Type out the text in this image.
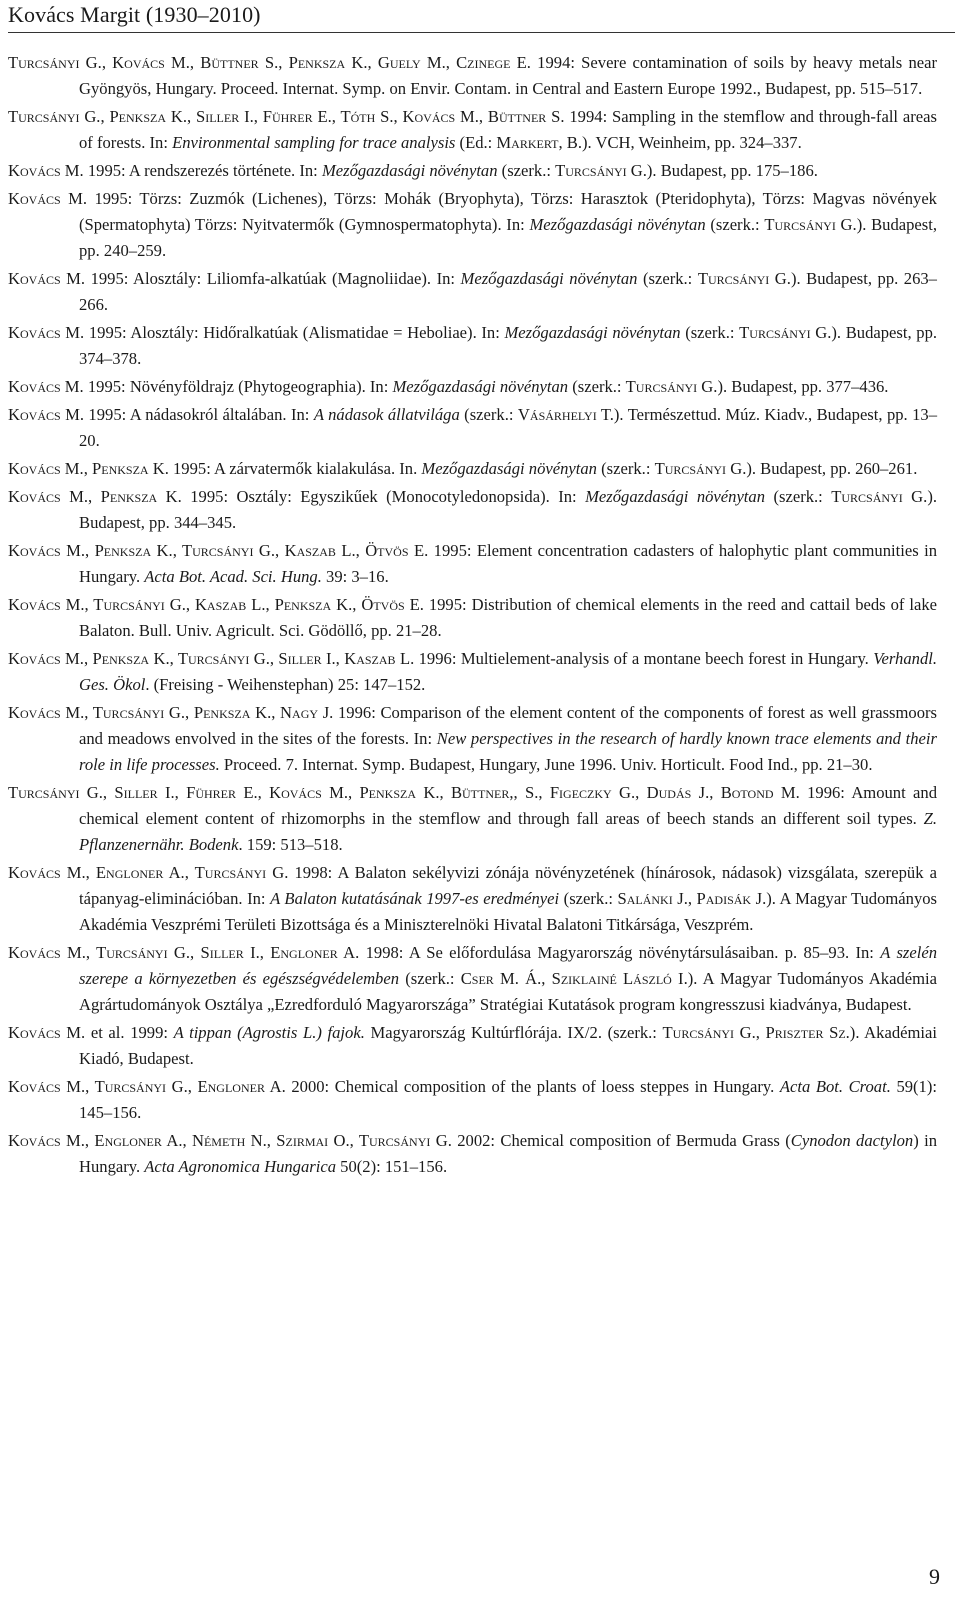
Kovács Margit (1930–2010)

Turcsányi G., Kovács M., Büttner S., Penksza K., Guely M., Czinege E. 1994: Severe contamination of soils by heavy metals near Gyöngyös, Hungary. Proceed. Internat. Symp. on Envir. Contam. in Central and Eastern Europe 1992., Budapest, pp. 515–517.

Turcsányi G., Penksza K., Siller I., Führer E., Tóth S., Kovács M., Büttner S. 1994: Sampling in the stemflow and through-fall areas of forests. In: Environmental sampling for trace analysis (Ed.: Markert, B.). VCH, Weinheim, pp. 324–337.

Kovács M. 1995: A rendszerezés története. In: Mezőgazdasági növénytan (szerk.: Turcsányi G.). Budapest, pp. 175–186.

Kovács M. 1995: Törzs: Zuzmók (Lichenes), Törzs: Mohák (Bryophyta), Törzs: Harasztok (Pteridophyta), Törzs: Magvas növények (Spermatophyta) Törzs: Nyitvatermők (Gymnospermatophyta). In: Mezőgazdasági növénytan (szerk.: Turcsányi G.). Budapest, pp. 240–259.

Kovács M. 1995: Alosztály: Liliomfa-alkatúak (Magnoliidae). In: Mezőgazdasági növénytan (szerk.: Turcsányi G.). Budapest, pp. 263–266.

Kovács M. 1995: Alosztály: Hidőralkatúak (Alismatidae = Heboliae). In: Mezőgazdasági növénytan (szerk.: Turcsányi G.). Budapest, pp. 374–378.

Kovács M. 1995: Növényföldrajz (Phytogeographia). In: Mezőgazdasági növénytan (szerk.: Turcsányi G.). Budapest, pp. 377–436.

Kovács M. 1995: A nádasokról általában. In: A nádasok állatvilága (szerk.: Vásárhelyi T.). Természettud. Múz. Kiadv., Budapest, pp. 13–20.

Kovács M., Penksza K. 1995: A zárvatermők kialakulása. In. Mezőgazdasági növénytan (szerk.: Turcsányi G.). Budapest, pp. 260–261.

Kovács M., Penksza K. 1995: Osztály: Egyszikűek (Monocotyledonopsida). In: Mezőgazdasági növénytan (szerk.: Turcsányi G.). Budapest, pp. 344–345.

Kovács M., Penksza K., Turcsányi G., Kaszab L., Ötvös E. 1995: Element concentration cadasters of halophytic plant communities in Hungary. Acta Bot. Acad. Sci. Hung. 39: 3–16.

Kovács M., Turcsányi G., Kaszab L., Penksza K., Ötvös E. 1995: Distribution of chemical elements in the reed and cattail beds of lake Balaton. Bull. Univ. Agricult. Sci. Gödöllő, pp. 21–28.

Kovács M., Penksza K., Turcsányi G., Siller I., Kaszab L. 1996: Multielement-analysis of a montane beech forest in Hungary. Verhandl. Ges. Ökol. (Freising - Weihenstephan) 25: 147–152.

Kovács M., Turcsányi G., Penksza K., Nagy J. 1996: Comparison of the element content of the components of forest as well grassmoors and meadows envolved in the sites of the forests. In: New perspectives in the research of hardly known trace elements and their role in life processes. Proceed. 7. Internat. Symp. Budapest, Hungary, June 1996. Univ. Horticult. Food Ind., pp. 21–30.

Turcsányi G., Siller I., Führer E., Kovács M., Penksza K., Büttner,, S., Figeczky G., Dudás J., Botond M. 1996: Amount and chemical element content of rhizomorphs in the stemflow and through fall areas of beech stands an different soil types. Z. Pflanzenernähr. Bodenk. 159: 513–518.

Kovács M., Engloner A., Turcsányi G. 1998: A Balaton sekélyvizi zónája növényzetének (hínárosok, nádasok) vizsgálata, szerepük a tápanyag-eliminációban. In: A Balaton kutatásának 1997-es eredményei (szerk.: Salánki J., Padisák J.). A Magyar Tudományos Akadémia Veszprémi Területi Bizottsága és a Miniszterelnöki Hivatal Balatoni Titkársága, Veszprém.

Kovács M., Turcsányi G., Siller I., Engloner A. 1998: A Se előfordulása Magyarország növénytársulásaiban. p. 85–93. In: A szelén szerepe a környezetben és egészségvédelemben (szerk.: Cser M. Á., Sziklainé László I.). A Magyar Tudományos Akadémia Agrártudományok Osztálya „Ezredforduló Magyarországa” Stratégiai Kutatások program kongresszusi kiadványa, Budapest.

Kovács M. et al. 1999: A tippan (Agrostis L.) fajok. Magyarország Kultúrflórája. IX/2. (szerk.: Turcsányi G., Priszter Sz.). Akadémiai Kiadó, Budapest.

Kovács M., Turcsányi G., Engloner A. 2000: Chemical composition of the plants of loess steppes in Hungary. Acta Bot. Croat. 59(1): 145–156.

Kovács M., Engloner A., Németh N., Szirmai O., Turcsányi G. 2002: Chemical composition of Bermuda Grass (Cynodon dactylon) in Hungary. Acta Agronomica Hungarica 50(2): 151–156.

9
